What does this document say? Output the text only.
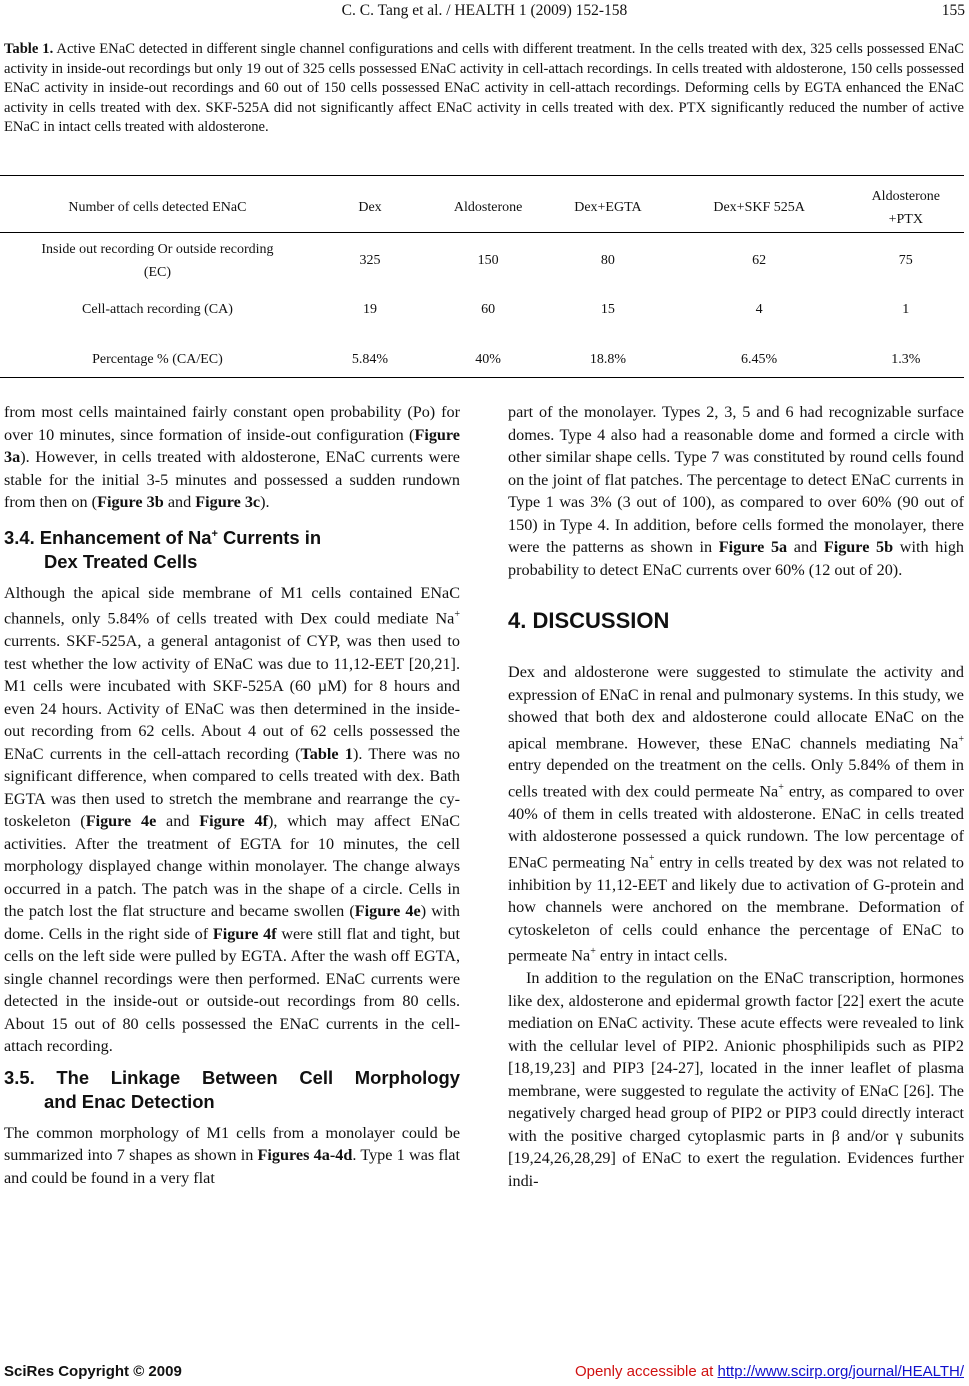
C. C. Tang et al. / HEALTH 1 (2009) 152-158	155
Table 1. Active ENaC detected in different single channel configurations and cells with different treatment. In the cells treated with dex, 325 cells possessed ENaC activity in inside-out recordings but only 19 out of 325 cells possessed ENaC activity in cell-attach recordings. In cells treated with aldosterone, 150 cells possessed ENaC activity in inside-out recordings and 60 out of 150 cells possessed ENaC activity in cell-attach recordings. Deforming cells by EGTA enhanced the ENaC activity in cells treated with dex. SKF-525A did not significantly affect ENaC activity in cells treated with dex. PTX significantly reduced the number of active ENaC in intact cells treated with aldosterone.
Number of cells detected ENaC	Dex	Aldosterone	Dex+EGTA	Dex+SKF 525A	Aldosterone +PTX
Inside out recording Or outside recording (EC)	325	150	80	62	75
Cell-attach recording (CA)	19	60	15	4	1
Percentage % (CA/EC)	5.84%	40%	18.8%	6.45%	1.3%

from most cells maintained fairly constant open probability (Po) for over 10 minutes, since formation of inside-out configuration (Figure 3a). However, in cells treated with aldosterone, ENaC currents were stable for the initial 3-5 minutes and possessed a sudden rundown from then on (Figure 3b and Figure 3c).

3.4. Enhancement of Na+ Currents in
Dex Treated Cells

Although the apical side membrane of M1 cells contained ENaC channels, only 5.84% of cells treated with Dex could mediate Na+ currents. SKF-525A, a general antagonist of CYP, was then used to test whether the low activity of ENaC was due to 11,12-EET [20,21]. M1 cells were incubated with SKF-525A (60 µM) for 8 hours and even 24 hours. Activity of ENaC was then determined in the inside-out recording from 62 cells. About 4 out of 62 cells possessed the ENaC currents in the cell-attach recording (Table 1). There was no significant difference, when compared to cells treated with dex. Bath EGTA was then used to stretch the membrane and rearrange the cytoskeleton (Figure 4e and Figure 4f), which may affect ENaC activities. After the treatment of EGTA for 10 minutes, the cell morphology displayed change within monolayer. The change always occurred in a patch. The patch was in the shape of a circle. Cells in the patch lost the flat structure and became swollen (Figure 4e) with dome. Cells in the right side of Figure 4f were still flat and tight, but cells on the left side were pulled by EGTA. After the wash off EGTA, single channel recordings were then performed. ENaC currents were detected in the inside-out or outside-out recordings from 80 cells. About 15 out of 80 cells possessed the ENaC currents in the cell-attach recording.

3.5. The Linkage Between Cell Morphology
and Enac Detection

The common morphology of M1 cells from a monolayer could be summarized into 7 shapes as shown in Figures 4a-4d. Type 1 was flat and could be found in a very flat

part of the monolayer. Types 2, 3, 5 and 6 had recognizable surface domes. Type 4 also had a reasonable dome and formed a circle with other similar shape cells. Type 7 was constituted by round cells found on the joint of flat patches. The percentage to detect ENaC currents in Type 1 was 3% (3 out of 100), as compared to over 60% (90 out of 150) in Type 4. In addition, before cells formed the monolayer, there were the patterns as shown in Figure 5a and Figure 5b with high probability to detect ENaC currents over 60% (12 out of 20).

4. DISCUSSION

Dex and aldosterone were suggested to stimulate the activity and expression of ENaC in renal and pulmonary systems. In this study, we showed that both dex and aldosterone could allocate ENaC on the apical membrane. However, these ENaC channels mediating Na+ entry depended on the treatment on the cells. Only 5.84% of them in cells treated with dex could permeate Na+ entry, as compared to over 40% of them in cells treated with aldosterone. ENaC in cells treated with aldosterone possessed a quick rundown. The low percentage of ENaC permeating Na+ entry in cells treated by dex was not related to inhibition by 11,12-EET and likely due to activation of G-protein and how channels were anchored on the membrane. Deformation of cytoskeleton of cells could enhance the percentage of ENaC to permeate Na+ entry in intact cells.

In addition to the regulation on the ENaC transcription, hormones like dex, aldosterone and epidermal growth factor [22] exert the acute mediation on ENaC activity. These acute effects were revealed to link with the cellular level of PIP2. Anionic phosphilipids such as PIP2 [18,19,23] and PIP3 [24-27], located in the inner leaflet of plasma membrane, were suggested to regulate the activity of ENaC [26]. The negatively charged head group of PIP2 or PIP3 could directly interact with the positive charged cytoplasmic parts in β and/or γ subunits [19,24,26,28,29] of ENaC to exert the regulation. Evidences further indi-

SciRes Copyright © 2009	Openly accessible at http://www.scirp.org/journal/HEALTH/
